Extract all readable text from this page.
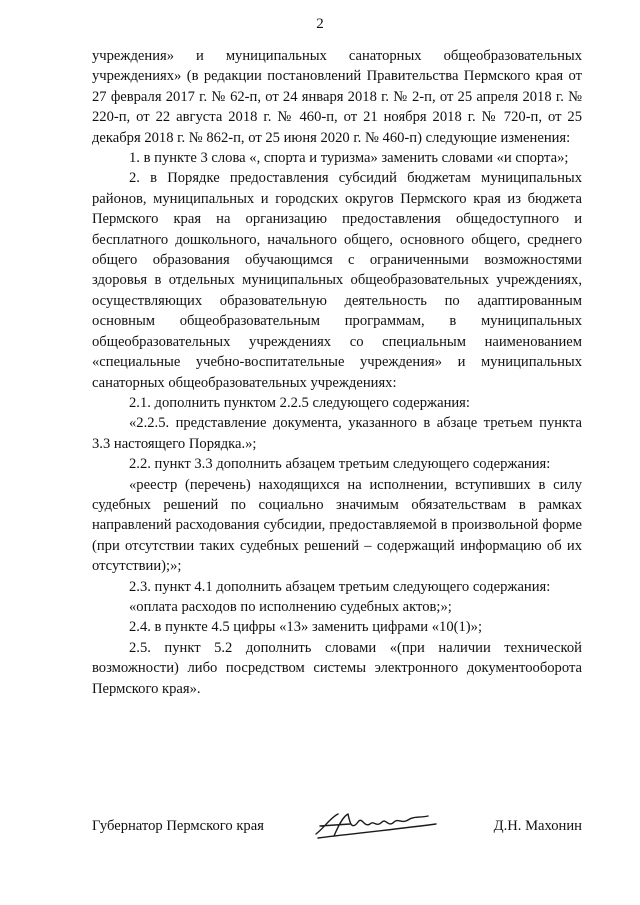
2

учреждения» и муниципальных санаторных общеобразовательных учреждениях» (в редакции постановлений Правительства Пермского края от 27 февраля 2017 г. № 62-п, от 24 января 2018 г. № 2-п, от 25 апреля 2018 г. № 220-п, от 22 августа 2018 г. № 460-п, от 21 ноября 2018 г. № 720-п, от 25 декабря 2018 г. № 862-п, от 25 июня 2020 г. № 460-п) следующие изменения:

1. в пункте 3 слова «, спорта и туризма» заменить словами «и спорта»;

2. в Порядке предоставления субсидий бюджетам муниципальных районов, муниципальных и городских округов Пермского края из бюджета Пермского края на организацию предоставления общедоступного и бесплатного дошкольного, начального общего, основного общего, среднего общего образования обучающимся с ограниченными возможностями здоровья в отдельных муниципальных общеобразовательных учреждениях, осуществляющих образовательную деятельность по адаптированным основным общеобразовательным программам, в муниципальных общеобразовательных учреждениях со специальным наименованием «специальные учебно-воспитательные учреждения» и муниципальных санаторных общеобразовательных учреждениях:

2.1. дополнить пунктом 2.2.5 следующего содержания:

«2.2.5. представление документа, указанного в абзаце третьем пункта 3.3 настоящего Порядка.»;

2.2. пункт 3.3 дополнить абзацем третьим следующего содержания:

«реестр (перечень) находящихся на исполнении, вступивших в силу судебных решений по социально значимым обязательствам в рамках направлений расходования субсидии, предоставляемой в произвольной форме (при отсутствии таких судебных решений – содержащий информацию об их отсутствии);»;

2.3. пункт 4.1 дополнить абзацем третьим следующего содержания:

«оплата расходов по исполнению судебных актов;»;

2.4. в пункте 4.5 цифры «13» заменить цифрами «10(1)»;

2.5. пункт 5.2 дополнить словами «(при наличии технической возможности) либо посредством системы электронного документооборота Пермского края».

Губернатор Пермского края	Д.Н. Махонин
